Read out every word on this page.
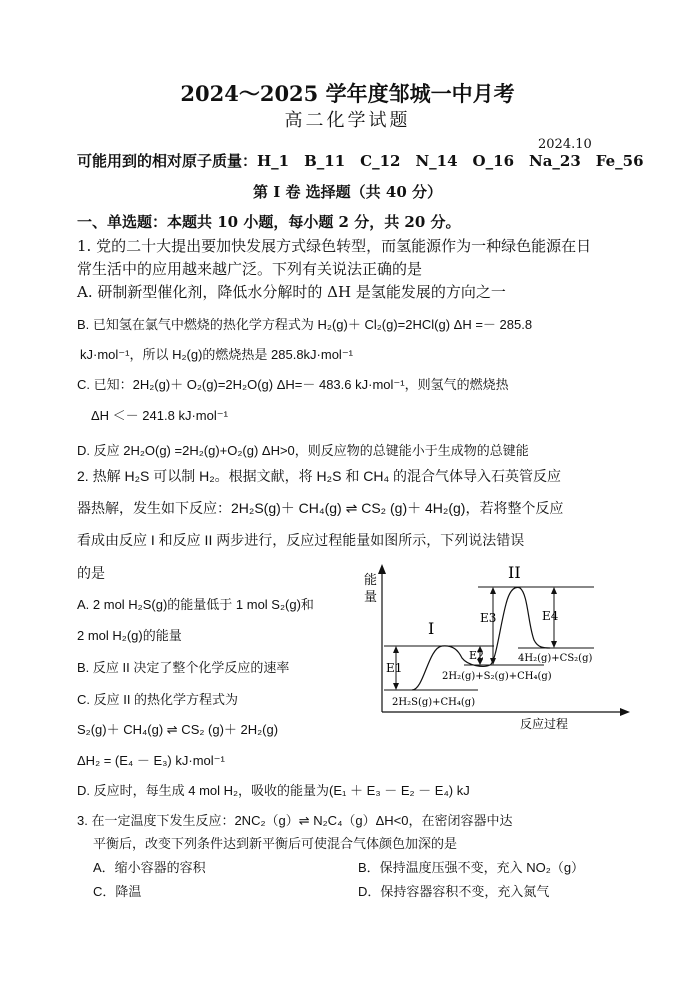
2024～2025 学年度邹城一中月考
高二化学试题
2024.10
可能用到的相对原子质量：H_1　B_11　C_12　N_14　O_16　Na_23　Fe_56
第 I 卷 选择题（共 40 分）
一、单选题：本题共 10 小题，每小题 2 分，共 20 分。
1. 党的二十大提出要加快发展方式绿色转型，而氢能源作为一种绿色能源在日
常生活中的应用越来越广泛。下列有关说法正确的是
A. 研制新型催化剂，降低水分解时的 ΔH 是氢能发展的方向之一
B. 已知氢在氯气中燃烧的热化学方程式为 H₂(g)＋ Cl₂(g)=2HCl(g) ΔH =－ 285.8
kJ·mol⁻¹，所以 H₂(g)的燃烧热是 285.8kJ·mol⁻¹
C. 已知：2H₂(g)＋ O₂(g)=2H₂O(g) ΔH=－ 483.6 kJ·mol⁻¹，则氢气的燃烧热
ΔH ＜－ 241.8 kJ·mol⁻¹
D. 反应 2H₂O(g) =2H₂(g)+O₂(g) ΔH>0，则反应物的总键能小于生成物的总键能
2. 热解 H₂S 可以制 H₂。根据文献，将 H₂S 和 CH₄ 的混合气体导入石英管反应
器热解，发生如下反应：2H₂S(g)＋ CH₄(g) ⇌ CS₂ (g)＋ 4H₂(g)，若将整个反应
看成由反应 I 和反应 II 两步进行，反应过程能量如图所示，下列说法错误
的是
A. 2 mol H₂S(g)的能量低于 1 mol S₂(g)和
2 mol H₂(g)的能量
B. 反应 II 决定了整个化学反应的速率
C. 反应 II 的热化学方程式为
S₂(g)＋ CH₄(g) ⇌ CS₂ (g)＋ 2H₂(g)
ΔH₂ = (E₄ － E₃) kJ·mol⁻¹
D. 反应时，每生成 4 mol H₂，吸收的能量为(E₁ ＋ E₃ － E₂ － E₄) kJ
能
量
反应过程
E1
E2
E3	E4
I
II
2H₂S(g)+CH₄(g)
2H₂(g)+S₂(g)+CH₄(g)
4H₂(g)+CS₂(g)
3. 在一定温度下发生反应：2NC₂（g）⇌ N₂C₄（g）ΔH<0，在密闭容器中达
平衡后，改变下列条件达到新平衡后可使混合气体颜色加深的是
A．缩小容器的容积	B．保持温度压强不变，充入 NO₂（g）
C．降温	D．保持容器容积不变，充入氮气
